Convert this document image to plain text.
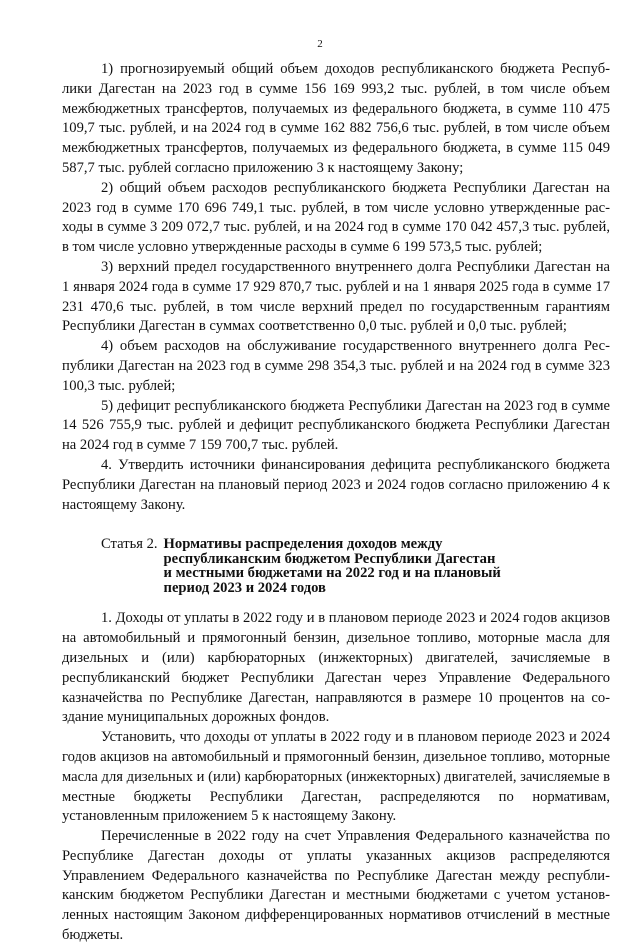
2

1) прогнозируемый общий объем доходов республиканского бюджета Республики Дагестан на 2023 год в сумме 156 169 993,2 тыс. рублей, в том числе объем межбюджетных трансфертов, получаемых из федерального бюджета, в сумме 110 475 109,7 тыс. рублей, и на 2024 год в сумме 162 882 756,6 тыс. рублей, в том числе объем межбюджетных трансфертов, получаемых из федерального бюджета, в сумме 115 049 587,7 тыс. рублей согласно приложению 3 к настоящему Закону;

2) общий объем расходов республиканского бюджета Республики Дагестан на 2023 год в сумме 170 696 749,1 тыс. рублей, в том числе условно утвержденные расходы в сумме 3 209 072,7 тыс. рублей, и на 2024 год в сумме 170 042 457,3 тыс. рублей, в том числе условно утвержденные расходы в сумме 6 199 573,5 тыс. рублей;

3) верхний предел государственного внутреннего долга Республики Дагестан на 1 января 2024 года в сумме 17 929 870,7 тыс. рублей и на 1 января 2025 года в сумме 17 231 470,6 тыс. рублей, в том числе верхний предел по государственным гарантиям Республики Дагестан в суммах соответственно 0,0 тыс. рублей и 0,0 тыс. рублей;

4) объем расходов на обслуживание государственного внутреннего долга Республики Дагестан на 2023 год в сумме 298 354,3 тыс. рублей и на 2024 год в сумме 323 100,3 тыс. рублей;

5) дефицит республиканского бюджета Республики Дагестан на 2023 год в сумме 14 526 755,9 тыс. рублей и дефицит республиканского бюджета Республики Дагестан на 2024 год в сумме 7 159 700,7 тыс. рублей.

4. Утвердить источники финансирования дефицита республиканского бюджета Республики Дагестан на плановый период 2023 и 2024 годов согласно приложению 4 к настоящему Закону.

Статья 2. Нормативы распределения доходов между
республиканским бюджетом Республики Дагестан
и местными бюджетами на 2022 год и на плановый
период 2023 и 2024 годов

1. Доходы от уплаты в 2022 году и в плановом периоде 2023 и 2024 годов акцизов на автомобильный и прямогонный бензин, дизельное топливо, моторные масла для дизельных и (или) карбюраторных (инжекторных) двигателей, зачисляемые в республиканский бюджет Республики Дагестан через Управление Федерального казначейства по Республике Дагестан, направляются в размере 10 процентов на создание муниципальных дорожных фондов.

Установить, что доходы от уплаты в 2022 году и в плановом периоде 2023 и 2024 годов акцизов на автомобильный и прямогонный бензин, дизельное топливо, моторные масла для дизельных и (или) карбюраторных (инжекторных) двигателей, зачисляемые в местные бюджеты Республики Дагестан, распределяются по нормативам, установленным приложением 5 к настоящему Закону.

Перечисленные в 2022 году на счет Управления Федерального казначейства по Республике Дагестан доходы от уплаты указанных акцизов распределяются Управлением Федерального казначейства по Республике Дагестан между республиканским бюджетом Республики Дагестан и местными бюджетами с учетом установленных настоящим Законом дифференцированных нормативов отчислений в местные бюджеты.
